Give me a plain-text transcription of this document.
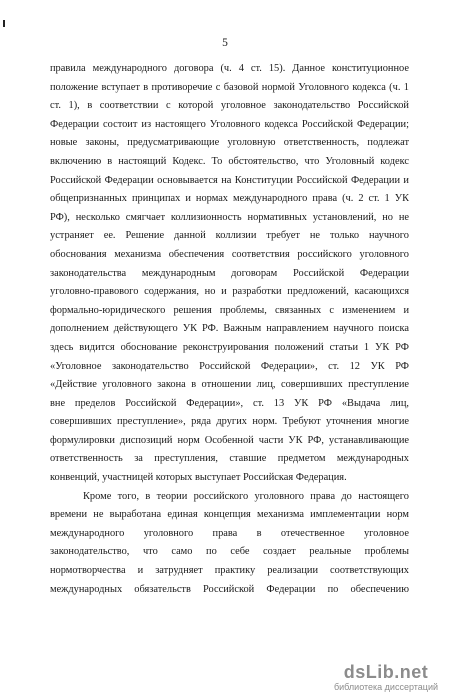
5
правила международного договора (ч. 4 ст. 15). Данное конституционное
положение вступает в противоречие с базовой нормой Уголовного кодекса (ч. 1
ст. 1), в соответствии с которой уголовное законодательство Российской
Федерации состоит из настоящего Уголовного кодекса Российской Федерации;
новые законы, предусматривающие уголовную ответственность, подлежат
включению в настоящий Кодекс. То обстоятельство, что Уголовный кодекс
Российской Федерации основывается на Конституции Российской Федерации и
общепризнанных принципах и нормах международного права (ч. 2 ст. 1 УК
РФ), несколько смягчает коллизионность нормативных установлений, но не
устраняет ее. Решение данной коллизии требует не только научного
обоснования механизма обеспечения соответствия российского уголовного
законодательства международным договорам Российской Федерации
уголовно-правового содержания, но и разработки предложений, касающихся
формально-юридического решения проблемы, связанных с изменением и
дополнением действующего УК РФ. Важным направлением научного поиска
здесь видится обоснование реконструирования положений статьи 1 УК РФ
«Уголовное законодательство Российской Федерации», ст. 12 УК РФ
«Действие уголовного закона в отношении лиц, совершивших преступление
вне пределов Российской Федерации», ст. 13 УК РФ «Выдача лиц,
совершивших преступление», ряда других норм. Требуют уточнения многие
формулировки диспозиций норм Особенной части УК РФ, устанавливающие
ответственность за преступления, ставшие предметом международных
конвенций, участницей которых выступает Российская Федерация.
Кроме того, в теории российского уголовного права до настоящего
времени не выработана единая концепция механизма имплементации норм
международного уголовного права в отечественное уголовное
законодательство, что само по себе создает реальные проблемы
нормотворчества и затрудняет практику реализации соответствующих
международных обязательств Российской Федерации по обеспечению
dsLib.net
библиотека диссертаций
